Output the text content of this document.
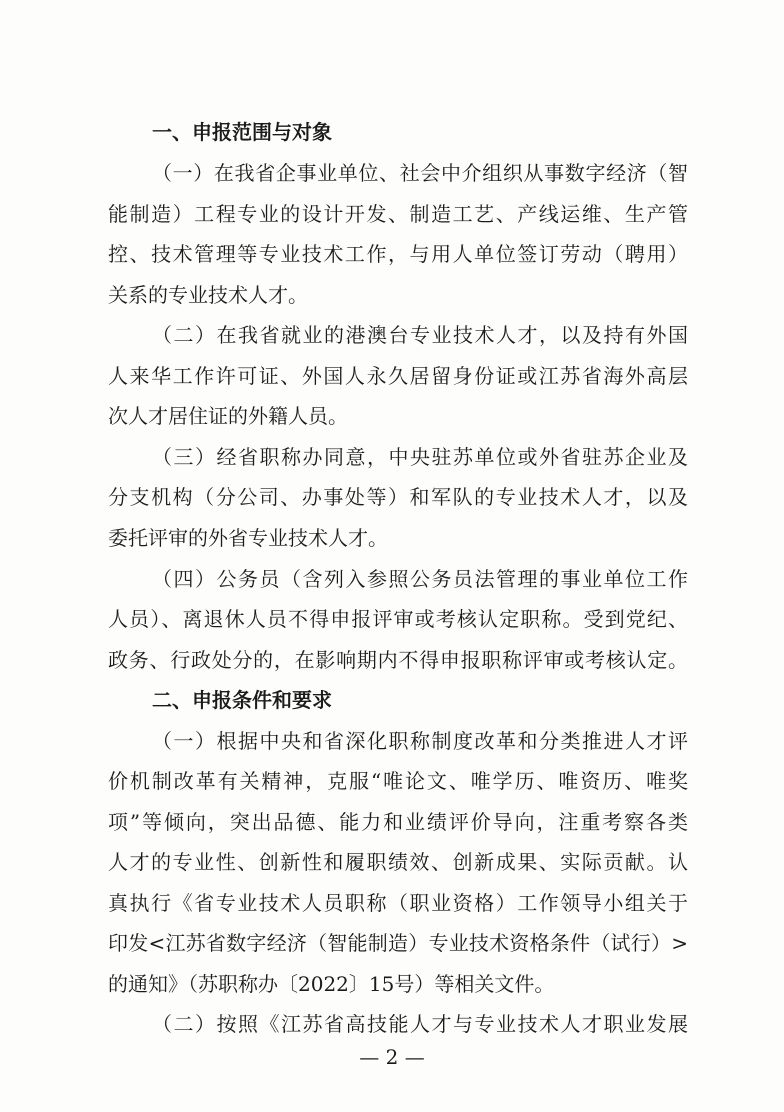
一、申报范围与对象
（一）在我省企事业单位、社会中介组织从事数字经济（智
能制造）工程专业的设计开发、制造工艺、产线运维、生产管
控、技术管理等专业技术工作，与用人单位签订劳动（聘用）
关系的专业技术人才。
（二）在我省就业的港澳台专业技术人才，以及持有外国
人来华工作许可证、外国人永久居留身份证或江苏省海外高层
次人才居住证的外籍人员。
（三）经省职称办同意，中央驻苏单位或外省驻苏企业及
分支机构（分公司、办事处等）和军队的专业技术人才，以及
委托评审的外省专业技术人才。
（四）公务员（含列入参照公务员法管理的事业单位工作
人员）、离退休人员不得申报评审或考核认定职称。受到党纪、
政务、行政处分的，在影响期内不得申报职称评审或考核认定。
二、申报条件和要求
（一）根据中央和省深化职称制度改革和分类推进人才评
价机制改革有关精神，克服“唯论文、唯学历、唯资历、唯奖
项”等倾向，突出品德、能力和业绩评价导向，注重考察各类
人才的专业性、创新性和履职绩效、创新成果、实际贡献。认
真执行《省专业技术人员职称（职业资格）工作领导小组关于
印发<江苏省数字经济（智能制造）专业技术资格条件（试行）>
的通知》（苏职称办〔2022〕15号）等相关文件。
（二）按照《江苏省高技能人才与专业技术人才职业发展
— 2 —
